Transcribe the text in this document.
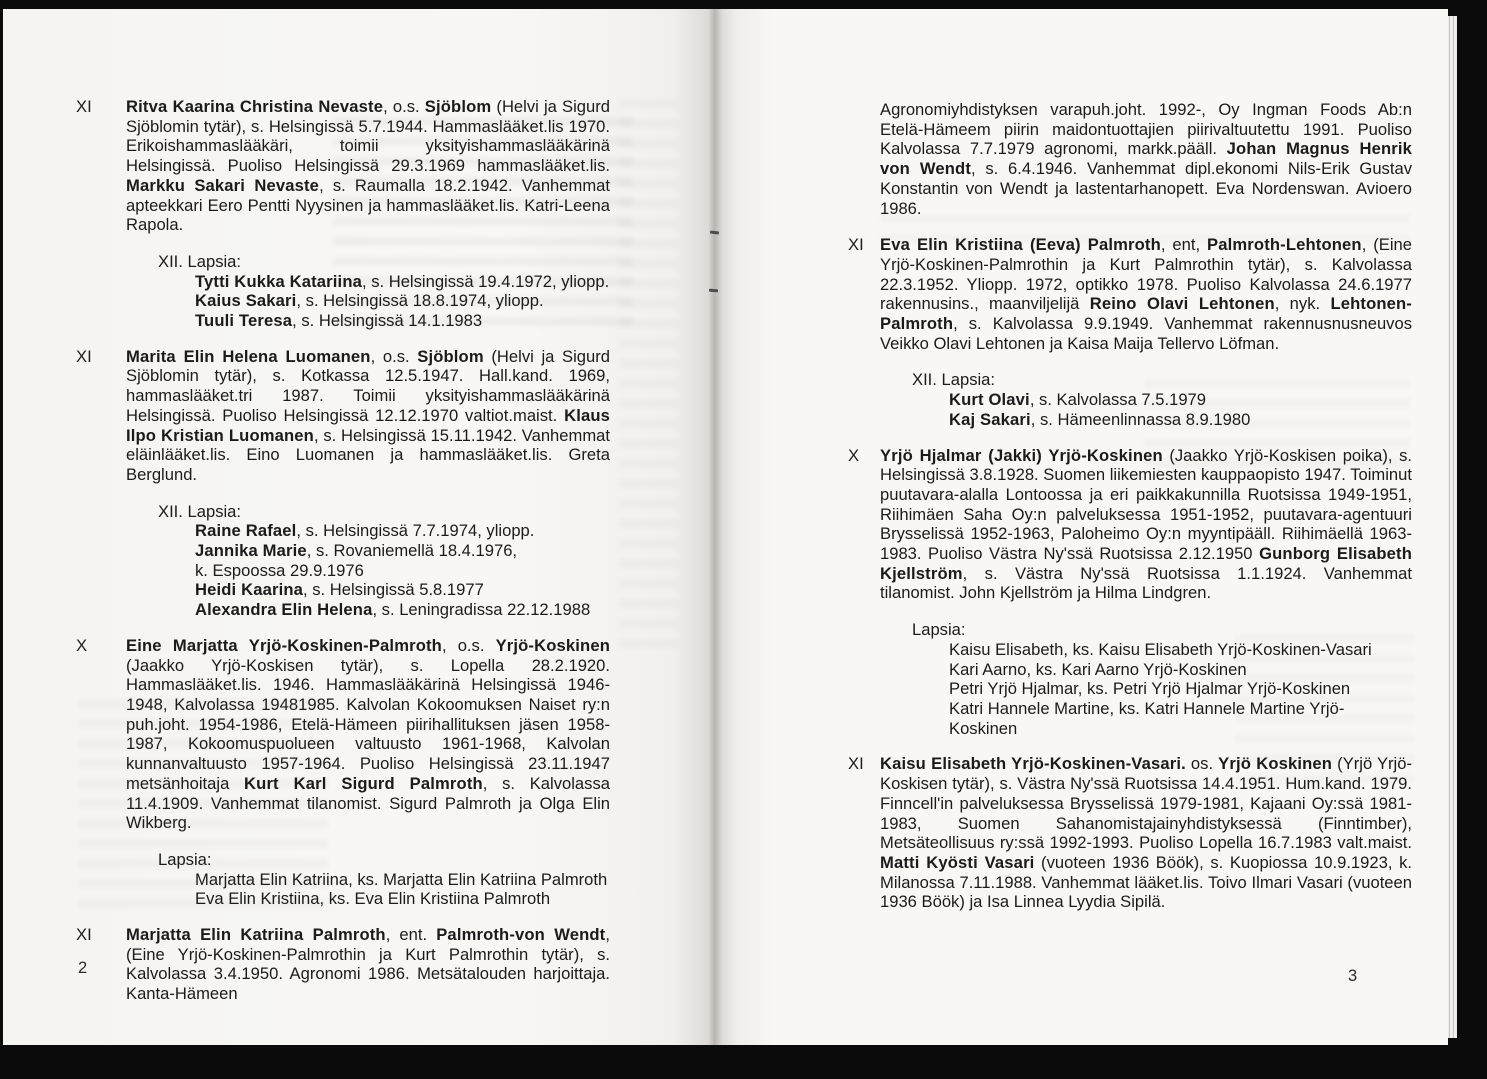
XI	Ritva Kaarina Christina Nevaste, o.s. Sjöblom (Helvi ja Sigurd Sjöblomin tytär), s. Helsingissä 5.7.1944. Hammaslääket.lis 1970. Erikoishammaslääkäri, toimii yksityishammaslääkärinä Helsingissä. Puoliso Helsingissä 29.3.1969 hammaslääket.lis. Markku Sakari Nevaste, s. Raumalla 18.2.1942. Vanhemmat apteekkari Eero Pentti Nyysinen ja hammaslääket.lis. Katri-Leena Rapola.

XII. Lapsia:
Tytti Kukka Katariina, s. Helsingissä 19.4.1972, yliopp.
Kaius Sakari, s. Helsingissä 18.8.1974, yliopp.
Tuuli Teresa, s. Helsingissä 14.1.1983
XI	Marita Elin Helena Luomanen, o.s. Sjöblom (Helvi ja Sigurd Sjöblomin tytär), s. Kotkassa 12.5.1947. Hall.kand. 1969, hammaslääket.tri 1987. Toimii yksityishammaslääkärinä Helsingissä. Puoliso Helsingissä 12.12.1970 valtiot.maist. Klaus Ilpo Kristian Luomanen, s. Helsingissä 15.11.1942. Vanhemmat eläinlääket.lis. Eino Luomanen ja hammaslääket.lis. Greta Berglund.

XII. Lapsia:
Raine Rafael, s. Helsingissä 7.7.1974, yliopp.
Jannika Marie, s. Rovaniemellä 18.4.1976,
k. Espoossa 29.9.1976
Heidi Kaarina, s. Helsingissä 5.8.1977
Alexandra Elin Helena, s. Leningradissa 22.12.1988
X	Eine Marjatta Yrjö-Koskinen-Palmroth, o.s. Yrjö-Koskinen (Jaakko Yrjö-Koskisen tytär), s. Lopella 28.2.1920. Hammaslääket.lis. 1946. Hammaslääkärinä Helsingissä 1946-1948, Kalvolassa 19481985. Kalvolan Kokoomuksen Naiset ry:n puh.joht. 1954-1986, Etelä-Hämeen piirihallituksen jäsen 1958-1987, Kokoomuspuolueen valtuusto 1961-1968, Kalvolan kunnanvaltuusto 1957-1964. Puoliso Helsingissä 23.11.1947 metsänhoitaja Kurt Karl Sigurd Palmroth, s. Kalvolassa 11.4.1909. Vanhemmat tilanomist. Sigurd Palmroth ja Olga Elin Wikberg.

Lapsia:
Marjatta Elin Katriina, ks. Marjatta Elin Katriina Palmroth
Eva Elin Kristiina, ks. Eva Elin Kristiina Palmroth
XI	Marjatta Elin Katriina Palmroth, ent. Palmroth-von Wendt, (Eine Yrjö-Koskinen-Palmrothin ja Kurt Palmrothin tytär), s. Kalvolassa 3.4.1950. Agronomi 1986. Metsätalouden harjoittaja. Kanta-Hämeen

2

Agronomiyhdistyksen varapuh.joht. 1992-, Oy Ingman Foods Ab:n Etelä-Hämeem piirin maidontuottajien piirivaltuutettu 1991. Puoliso Kalvolassa 7.7.1979 agronomi, markk.pääll. Johan Magnus Henrik von Wendt, s. 6.4.1946. Vanhemmat dipl.ekonomi Nils-Erik Gustav Konstantin von Wendt ja lastentarhanopett. Eva Nordenswan. Avioero 1986.

XI Eva Elin Kristiina (Eeva) Palmroth, ent, Palmroth-Lehtonen, (Eine Yrjö-Koskinen-Palmrothin ja Kurt Palmrothin tytär), s. Kalvolassa 22.3.1952. Yliopp. 1972, optikko 1978. Puoliso Kalvolassa 24.6.1977 rakennusins., maanviljelijä Reino Olavi Lehtonen, nyk. Lehtonen-Palmroth, s. Kalvolassa 9.9.1949. Vanhemmat rakennusnusneuvos Veikko Olavi Lehtonen ja Kaisa Maija Tellervo Löfman.

XII. Lapsia:
Kurt Olavi, s. Kalvolassa 7.5.1979
Kaj Sakari, s. Hämeenlinnassa 8.9.1980
X	Yrjö Hjalmar (Jakki) Yrjö-Koskinen (Jaakko Yrjö-Koskisen poika), s. Helsingissä 3.8.1928. Suomen liikemiesten kauppaopisto 1947. Toiminut puutavara-alalla Lontoossa ja eri paikkakunnilla Ruotsissa 1949-1951, Riihimäen Saha Oy:n palveluksessa 1951-1952, puutavara-agentuuri Brysselissä 1952-1963, Paloheimo Oy:n myyntipääll. Riihimäellä 1963-1983. Puoliso Västra Ny'ssä Ruotsissa 2.12.1950 Gunborg Elisabeth Kjellström, s. Västra Ny'ssä Ruotsissa 1.1.1924. Vanhemmat tilanomist. John Kjellström ja Hilma Lindgren.

Lapsia:
Kaisu Elisabeth, ks. Kaisu Elisabeth Yrjö-Koskinen-Vasari
Kari Aarno, ks. Kari Aarno Yrjö-Koskinen
Petri Yrjö Hjalmar, ks. Petri Yrjö Hjalmar Yrjö-Koskinen
Katri Hannele Martine, ks. Katri Hannele Martine Yrjö-Koskinen
XI Kaisu Elisabeth Yrjö-Koskinen-Vasari. os. Yrjö Koskinen (Yrjö Yrjö-Koskisen tytär), s. Västra Ny'ssä Ruotsissa 14.4.1951. Hum.kand. 1979. Finncell'in palveluksessa Brysselissä 1979-1981, Kajaani Oy:ssä 1981-1983, Suomen Sahanomistajainyhdistyksessä (Finntimber), Metsäteollisuus ry:ssä 1992-1993. Puoliso Lopella 16.7.1983 valt.maist. Matti Kyösti Vasari (vuoteen 1936 Böök), s. Kuopiossa 10.9.1923, k. Milanossa 7.11.1988. Vanhemmat lääket.lis. Toivo Ilmari Vasari (vuoteen 1936 Böök) ja Isa Linnea Lyydia Sipilä.

3
